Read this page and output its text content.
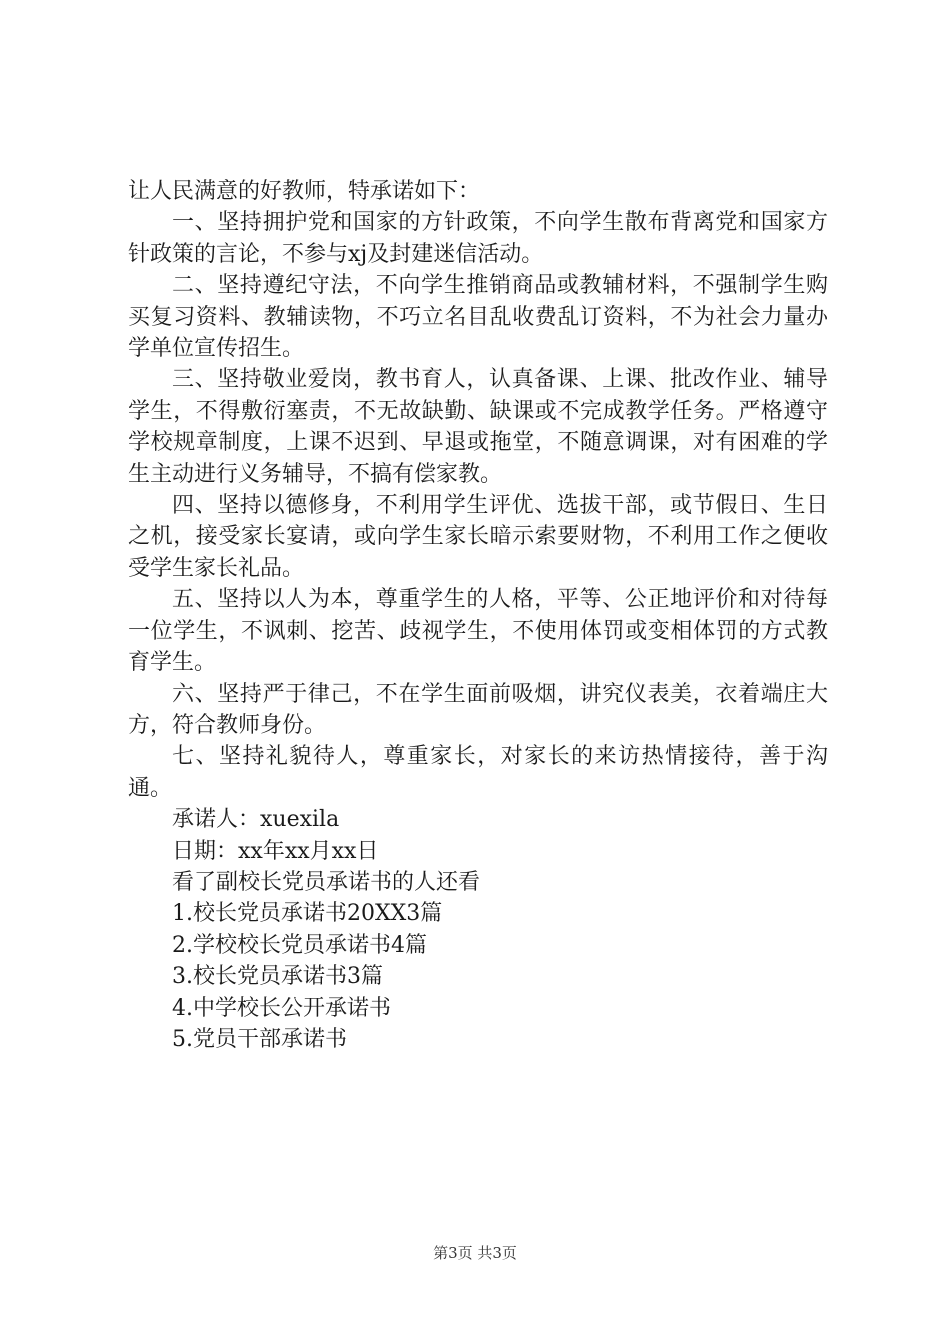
让人民满意的好教师，特承诺如下：

一、坚持拥护党和国家的方针政策，不向学生散布背离党和国家方针政策的言论，不参与xj及封建迷信活动。

二、坚持遵纪守法，不向学生推销商品或教辅材料，不强制学生购买复习资料、教辅读物，不巧立名目乱收费乱订资料，不为社会力量办学单位宣传招生。

三、坚持敬业爱岗，教书育人，认真备课、上课、批改作业、辅导学生，不得敷衍塞责，不无故缺勤、缺课或不完成教学任务。严格遵守学校规章制度，上课不迟到、早退或拖堂，不随意调课，对有困难的学生主动进行义务辅导，不搞有偿家教。

四、坚持以德修身，不利用学生评优、选拔干部，或节假日、生日之机，接受家长宴请，或向学生家长暗示索要财物，不利用工作之便收受学生家长礼品。

五、坚持以人为本，尊重学生的人格，平等、公正地评价和对待每一位学生，不讽刺、挖苦、歧视学生，不使用体罚或变相体罚的方式教育学生。

六、坚持严于律己，不在学生面前吸烟，讲究仪表美，衣着端庄大方，符合教师身份。

七、坚持礼貌待人，尊重家长，对家长的来访热情接待，善于沟通。

承诺人：xuexila

日期：xx年xx月xx日

看了副校长党员承诺书的人还看

1.校长党员承诺书20XX3篇

2.学校校长党员承诺书4篇

3.校长党员承诺书3篇

4.中学校长公开承诺书

5.党员干部承诺书

第3页 共3页
